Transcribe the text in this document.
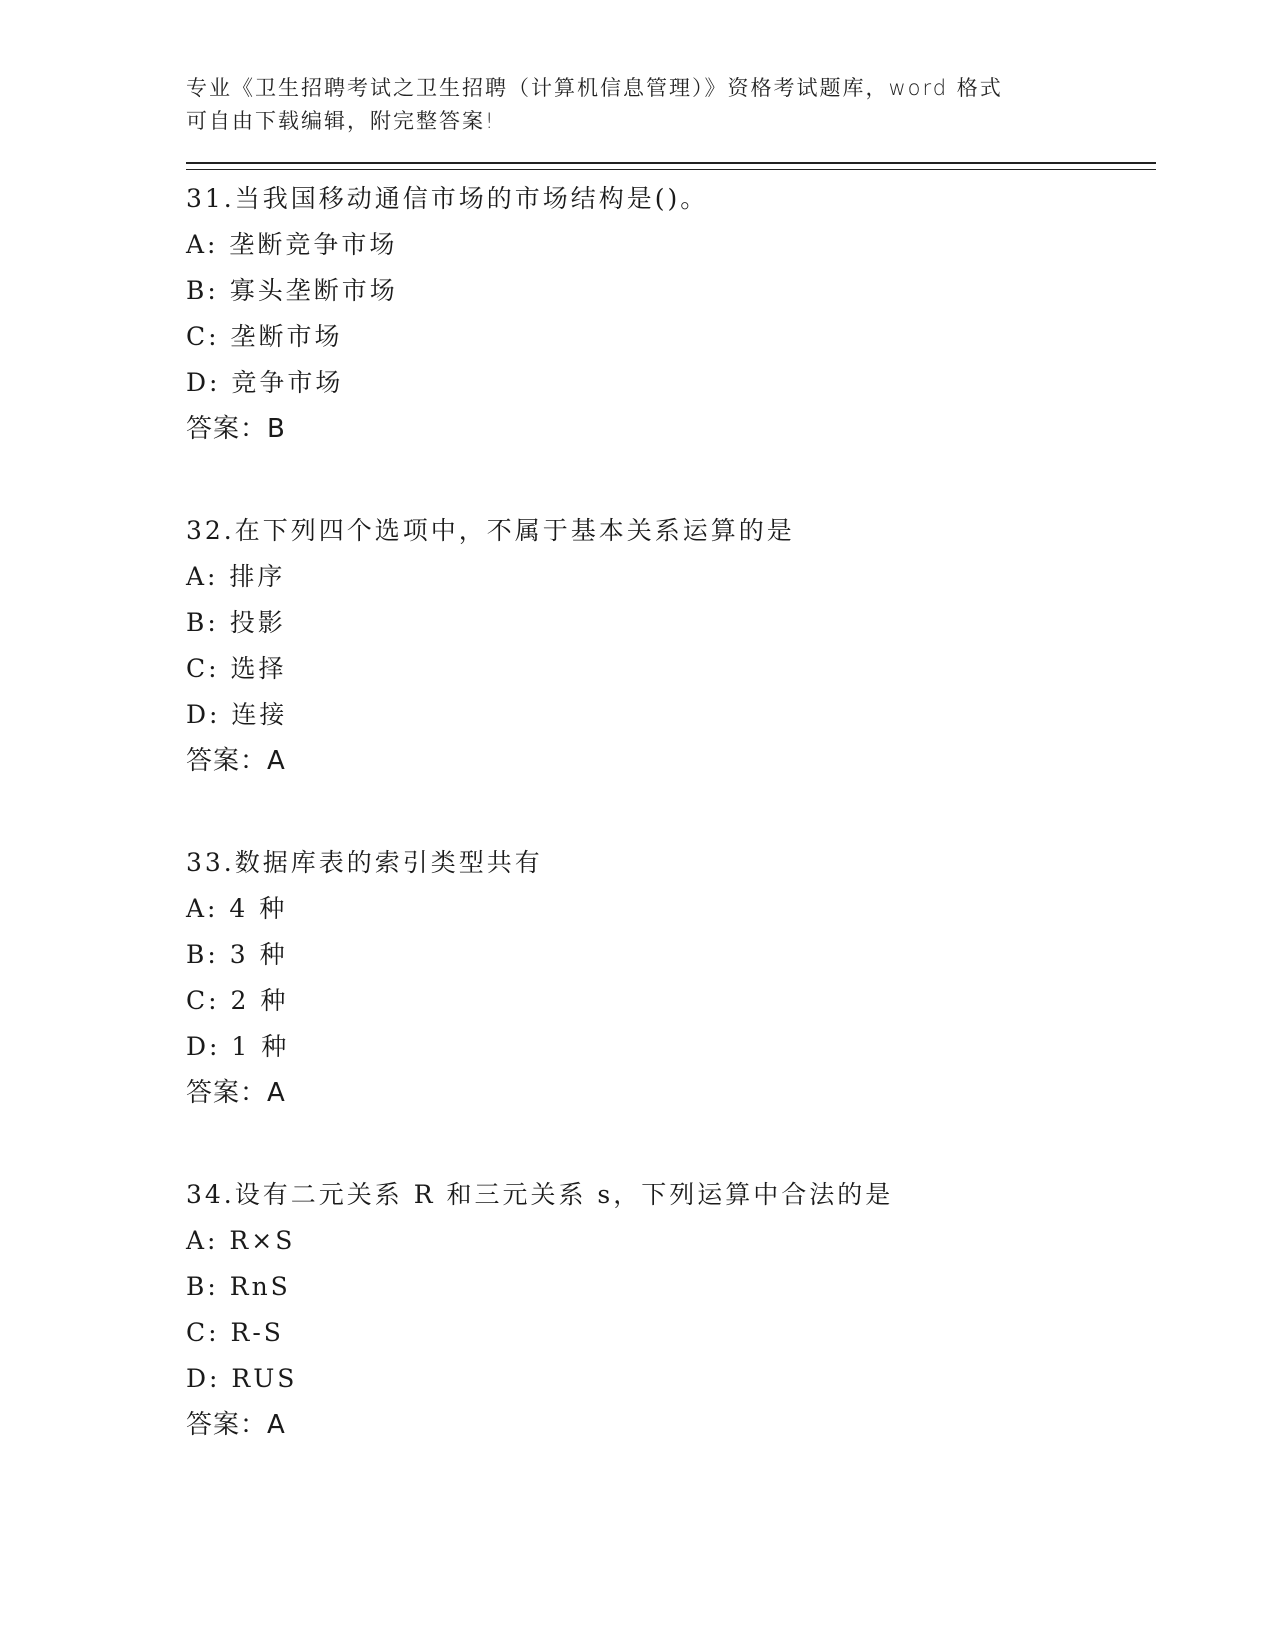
专业《卫生招聘考试之卫生招聘（计算机信息管理）》资格考试题库，word 格式
可自由下载编辑，附完整答案!
31.当我国移动通信市场的市场结构是()。
A: 垄断竞争市场
B: 寡头垄断市场
C: 垄断市场
D: 竞争市场
答案：B
32.在下列四个选项中，不属于基本关系运算的是
A: 排序
B: 投影
C: 选择
D: 连接
答案：A
33.数据库表的索引类型共有
A: 4 种
B: 3 种
C: 2 种
D: 1 种
答案：A
34.设有二元关系 R 和三元关系 s，下列运算中合法的是
A: R×S
B: RnS
C: R-S
D: RUS
答案：A
